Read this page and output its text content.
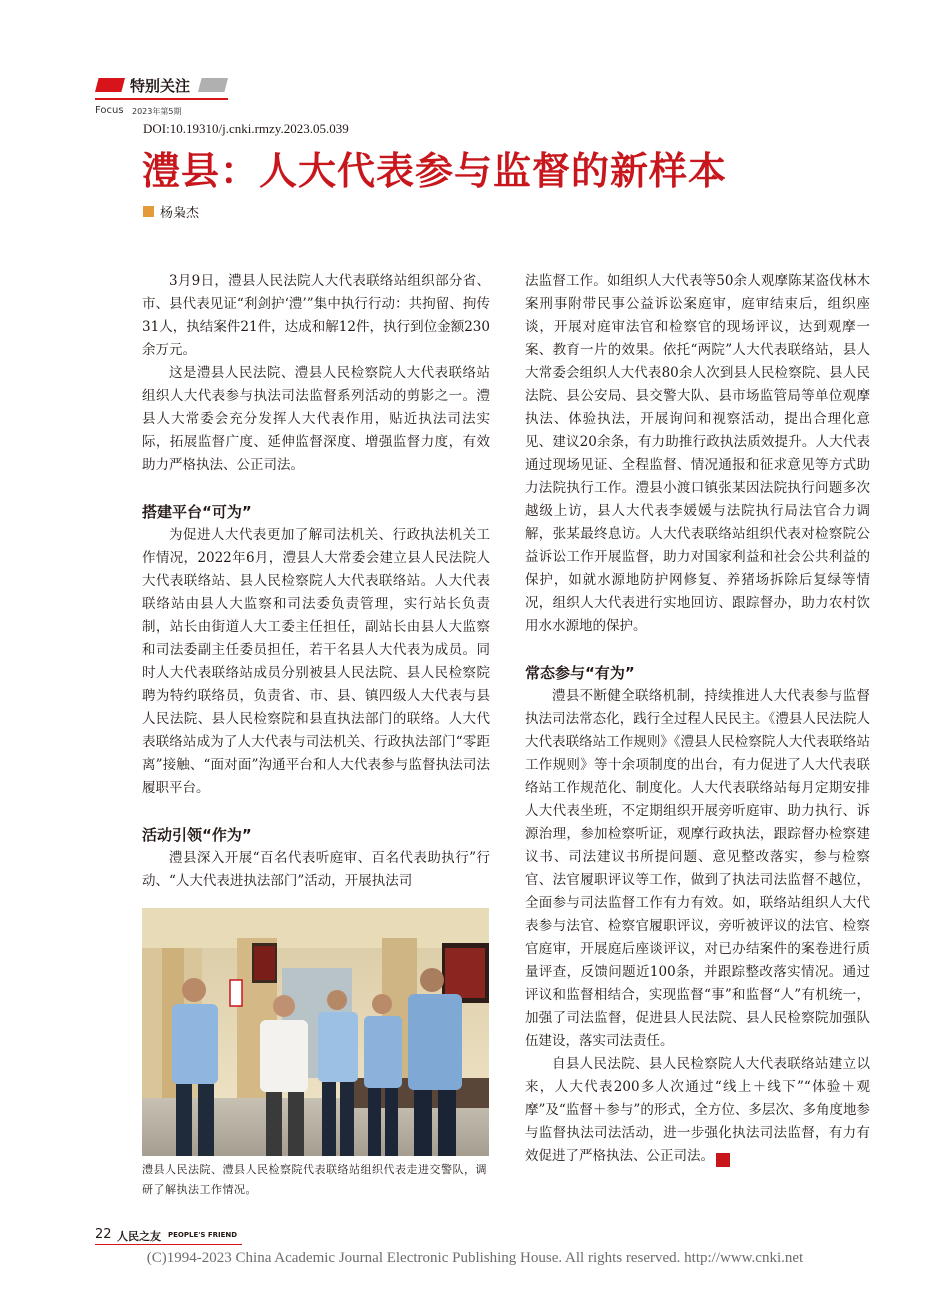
特别关注
Focus 2023年第5期
DOI:10.19310/j.cnki.rmzy.2023.05.039
澧县：人大代表参与监督的新样本
杨枭杰

3月9日，澧县人民法院人大代表联络站组织部分省、市、县代表见证“利剑护‘澧’”集中执行行动：共拘留、拘传31人，执结案件21件，达成和解12件，执行到位金额230余万元。

这是澧县人民法院、澧县人民检察院人大代表联络站组织人大代表参与执法司法监督系列活动的剪影之一。澧县人大常委会充分发挥人大代表作用，贴近执法司法实际，拓展监督广度、延伸监督深度、增强监督力度，有效助力严格执法、公正司法。

搭建平台“可为”

为促进人大代表更加了解司法机关、行政执法机关工作情况，2022年6月，澧县人大常委会建立县人民法院人大代表联络站、县人民检察院人大代表联络站。人大代表联络站由县人大监察和司法委负责管理，实行站长负责制，站长由街道人大工委主任担任，副站长由县人大监察和司法委副主任委员担任，若干名县人大代表为成员。同时人大代表联络站成员分别被县人民法院、县人民检察院聘为特约联络员，负责省、市、县、镇四级人大代表与县人民法院、县人民检察院和县直执法部门的联络。人大代表联络站成为了人大代表与司法机关、行政执法部门“零距离”接触、“面对面”沟通平台和人大代表参与监督执法司法履职平台。

活动引领“作为”

澧县深入开展“百名代表听庭审、百名代表助执行”行动、“人大代表进执法部门”活动，开展执法司

澧县人民法院、澧县人民检察院代表联络站组织代表走进交警队，调研了解执法工作情况。

法监督工作。如组织人大代表等50余人观摩陈某盗伐林木案刑事附带民事公益诉讼案庭审，庭审结束后，组织座谈，开展对庭审法官和检察官的现场评议，达到观摩一案、教育一片的效果。依托“两院”人大代表联络站，县人大常委会组织人大代表80余人次到县人民检察院、县人民法院、县公安局、县交警大队、县市场监管局等单位观摩执法、体验执法，开展询问和视察活动，提出合理化意见、建议20余条，有力助推行政执法质效提升。人大代表通过现场见证、全程监督、情况通报和征求意见等方式助力法院执行工作。澧县小渡口镇张某因法院执行问题多次越级上访，县人大代表李媛媛与法院执行局法官合力调解，张某最终息访。人大代表联络站组织代表对检察院公益诉讼工作开展监督，助力对国家利益和社会公共利益的保护，如就水源地防护网修复、养猪场拆除后复绿等情况，组织人大代表进行实地回访、跟踪督办，助力农村饮用水水源地的保护。

常态参与“有为”

澧县不断健全联络机制，持续推进人大代表参与监督执法司法常态化，践行全过程人民民主。《澧县人民法院人大代表联络站工作规则》《澧县人民检察院人大代表联络站工作规则》等十余项制度的出台，有力促进了人大代表联络站工作规范化、制度化。人大代表联络站每月定期安排人大代表坐班，不定期组织开展旁听庭审、助力执行、诉源治理，参加检察听证，观摩行政执法，跟踪督办检察建议书、司法建议书所提问题、意见整改落实，参与检察官、法官履职评议等工作，做到了执法司法监督不越位，全面参与司法监督工作有力有效。如，联络站组织人大代表参与法官、检察官履职评议，旁听被评议的法官、检察官庭审，开展庭后座谈评议，对已办结案件的案卷进行质量评查，反馈问题近100条，并跟踪整改落实情况。通过评议和监督相结合，实现监督“事”和监督“人”有机统一，加强了司法监督，促进县人民法院、县人民检察院加强队伍建设，落实司法责任。

自县人民法院、县人民检察院人大代表联络站建立以来，人大代表200多人次通过“线上＋线下”“体验＋观摩”及“监督＋参与”的形式，全方位、多层次、多角度地参与监督执法司法活动，进一步强化执法司法监督，有力有效促进了严格执法、公正司法。	友

22 人民之友 PEOPLE'S FRIEND
(C)1994-2023 China Academic Journal Electronic Publishing House. All rights reserved. http://www.cnki.net
